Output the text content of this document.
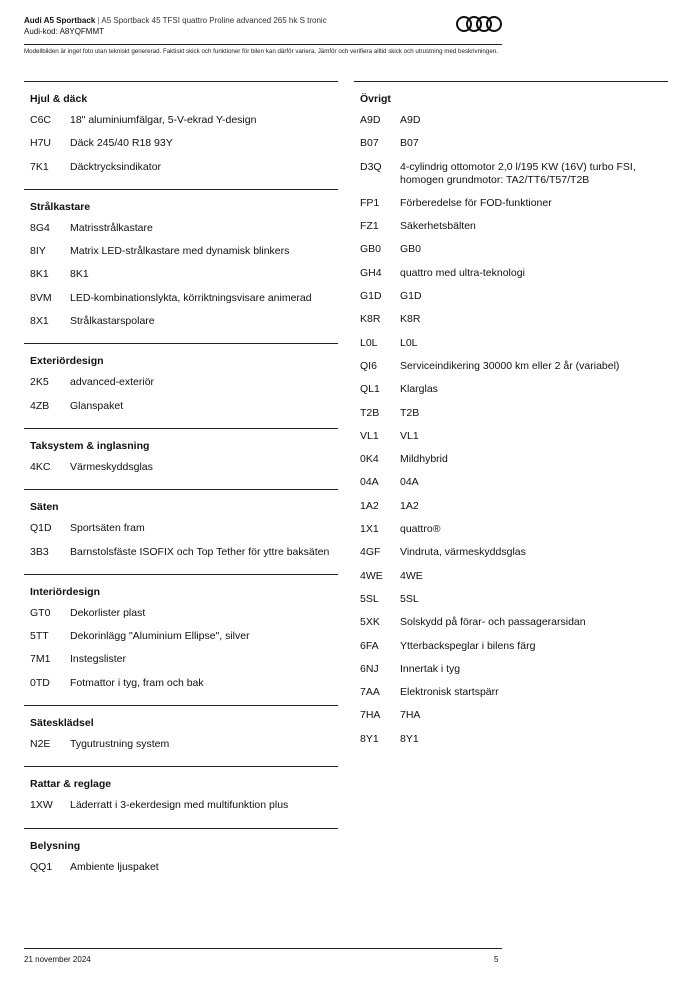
Audi A5 Sportback | A5 Sportback 45 TFSI quattro Proline advanced 265 hk S tronic
Audi-kod: A8YQFMMT
Modellbilden är inget foto utan tekniskt genererad. Faktiskt skick och funktioner för bilen kan därför variera. Jämför och verifiera alltid skick och utrustning med beskrivningen.
Hjul & däck
C6C	18" aluminiumfälgar, 5-V-ekrad Y-design
H7U	Däck 245/40 R18 93Y
7K1	Däcktrycksindikator
Strålkastare
8G4	Matrisstrålkastare
8IY	Matrix LED-strålkastare med dynamisk blinkers
8K1	8K1
8VM	LED-kombinationslykta, körriktningsvisare animerad
8X1	Strålkastarspolare
Exteriördesign
2K5	advanced-exteriör
4ZB	Glanspaket
Taksystem & inglasning
4KC	Värmeskyddsglas
Säten
Q1D	Sportsäten fram
3B3	Barnstolsfäste ISOFIX och Top Tether för yttre baksäten
Interiördesign
GT0	Dekorlister plast
5TT	Dekorinlägg "Aluminium Ellipse", silver
7M1	Instegslister
0TD	Fotmattor i tyg, fram och bak
Sätesklädsel
N2E	Tygutrustning system
Rattar & reglage
1XW	Läderratt i 3-ekerdesign med multifunktion plus
Belysning
QQ1	Ambiente ljuspaket
Övrigt
A9D	A9D
B07	B07
D3Q	4-cylindrig ottomotor 2,0 l/195 KW (16V) turbo FSI, homogen grundmotor: TA2/TT6/T57/T2B
FP1	Förberedelse för FOD-funktioner
FZ1	Säkerhetsbälten
GB0	GB0
GH4	quattro med ultra-teknologi
G1D	G1D
K8R	K8R
L0L	L0L
QI6	Serviceindikering 30000 km eller 2 år (variabel)
QL1	Klarglas
T2B	T2B
VL1	VL1
0K4	Mildhybrid
04A	04A
1A2	1A2
1X1	quattro®
4GF	Vindruta, värmeskyddsglas
4WE	4WE
5SL	5SL
5XK	Solskydd på förar- och passagerarsidan
6FA	Ytterbackspeglar i bilens färg
6NJ	Innertak i tyg
7AA	Elektronisk startspärr
7HA	7HA
8Y1	8Y1
21 november 2024	5
